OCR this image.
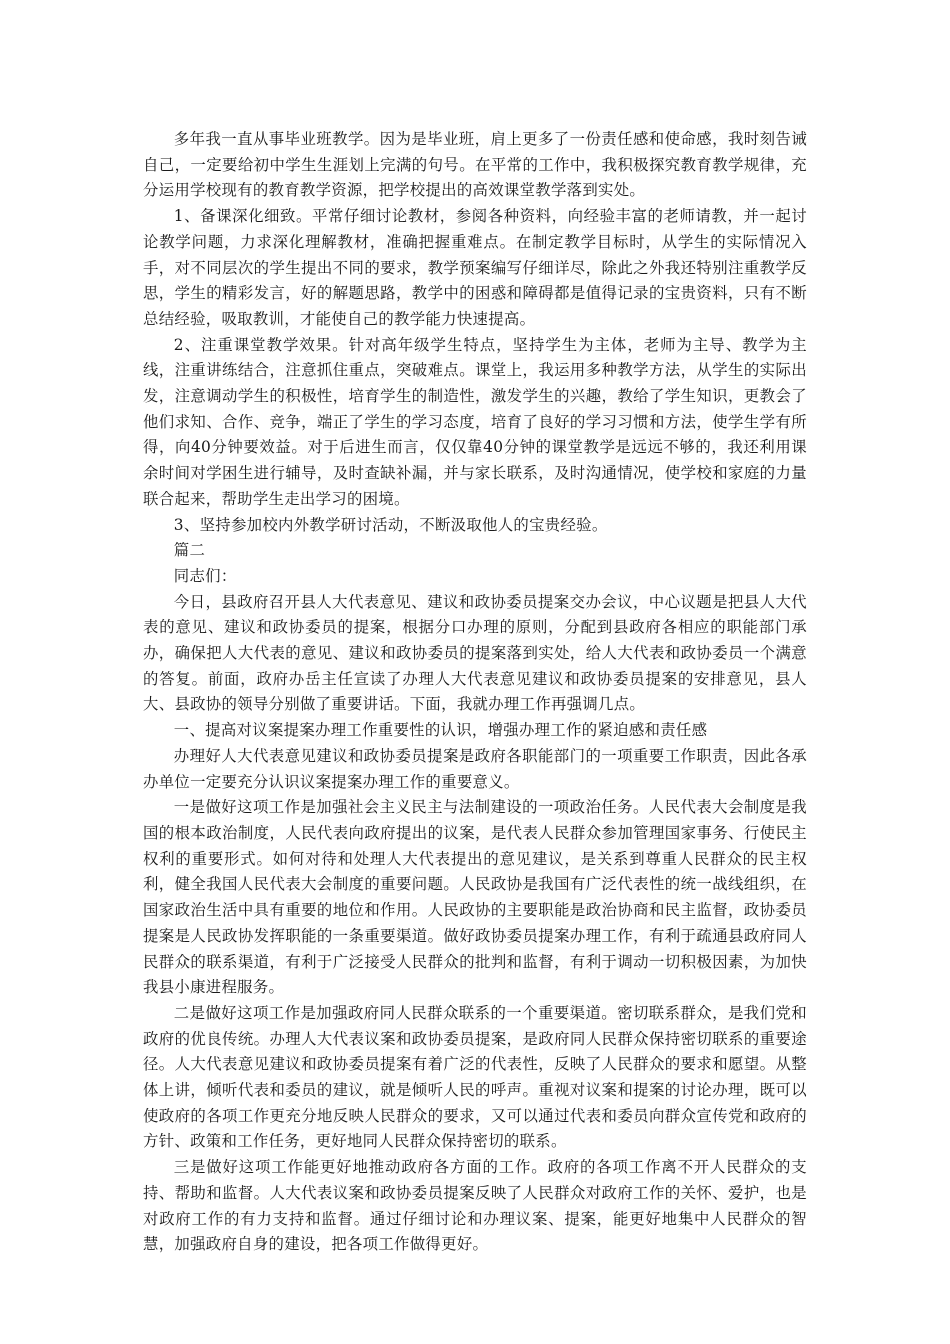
多年我一直从事毕业班教学。因为是毕业班，肩上更多了一份责任感和使命感，我时刻告诫自己，一定要给初中学生生涯划上完满的句号。在平常的工作中，我积极探究教育教学规律，充分运用学校现有的教育教学资源，把学校提出的高效课堂教学落到实处。

1、备课深化细致。平常仔细讨论教材，参阅各种资料，向经验丰富的老师请教，并一起讨论教学问题，力求深化理解教材，准确把握重难点。在制定教学目标时，从学生的实际情况入手，对不同层次的学生提出不同的要求，教学预案编写仔细详尽，除此之外我还特别注重教学反思，学生的精彩发言，好的解题思路，教学中的困惑和障碍都是值得记录的宝贵资料，只有不断总结经验，吸取教训，才能使自己的教学能力快速提高。

2、注重课堂教学效果。针对高年级学生特点，坚持学生为主体，老师为主导、教学为主线，注重讲练结合，注意抓住重点，突破难点。课堂上，我运用多种教学方法，从学生的实际出发，注意调动学生的积极性，培育学生的制造性，激发学生的兴趣，教给了学生知识，更教会了他们求知、合作、竞争，端正了学生的学习态度，培育了良好的学习习惯和方法，使学生学有所得，向40分钟要效益。对于后进生而言，仅仅靠40分钟的课堂教学是远远不够的，我还利用课余时间对学困生进行辅导，及时查缺补漏，并与家长联系，及时沟通情况，使学校和家庭的力量联合起来，帮助学生走出学习的困境。

3、坚持参加校内外教学研讨活动，不断汲取他人的宝贵经验。

篇二

同志们：

今日，县政府召开县人大代表意见、建议和政协委员提案交办会议，中心议题是把县人大代表的意见、建议和政协委员的提案，根据分口办理的原则，分配到县政府各相应的职能部门承办，确保把人大代表的意见、建议和政协委员的提案落到实处，给人大代表和政协委员一个满意的答复。前面，政府办岳主任宣读了办理人大代表意见建议和政协委员提案的安排意见，县人大、县政协的领导分别做了重要讲话。下面，我就办理工作再强调几点。

一、提高对议案提案办理工作重要性的认识，增强办理工作的紧迫感和责任感

办理好人大代表意见建议和政协委员提案是政府各职能部门的一项重要工作职责，因此各承办单位一定要充分认识议案提案办理工作的重要意义。

一是做好这项工作是加强社会主义民主与法制建设的一项政治任务。人民代表大会制度是我国的根本政治制度，人民代表向政府提出的议案，是代表人民群众参加管理国家事务、行使民主权利的重要形式。如何对待和处理人大代表提出的意见建议，是关系到尊重人民群众的民主权利，健全我国人民代表大会制度的重要问题。人民政协是我国有广泛代表性的统一战线组织，在国家政治生活中具有重要的地位和作用。人民政协的主要职能是政治协商和民主监督，政协委员提案是人民政协发挥职能的一条重要渠道。做好政协委员提案办理工作，有利于疏通县政府同人民群众的联系渠道，有利于广泛接受人民群众的批判和监督，有利于调动一切积极因素，为加快我县小康进程服务。

二是做好这项工作是加强政府同人民群众联系的一个重要渠道。密切联系群众，是我们党和政府的优良传统。办理人大代表议案和政协委员提案，是政府同人民群众保持密切联系的重要途径。人大代表意见建议和政协委员提案有着广泛的代表性，反映了人民群众的要求和愿望。从整体上讲，倾听代表和委员的建议，就是倾听人民的呼声。重视对议案和提案的讨论办理，既可以使政府的各项工作更充分地反映人民群众的要求，又可以通过代表和委员向群众宣传党和政府的方针、政策和工作任务，更好地同人民群众保持密切的联系。

三是做好这项工作能更好地推动政府各方面的工作。政府的各项工作离不开人民群众的支持、帮助和监督。人大代表议案和政协委员提案反映了人民群众对政府工作的关怀、爱护，也是对政府工作的有力支持和监督。通过仔细讨论和办理议案、提案，能更好地集中人民群众的智慧，加强政府自身的建设，把各项工作做得更好。
